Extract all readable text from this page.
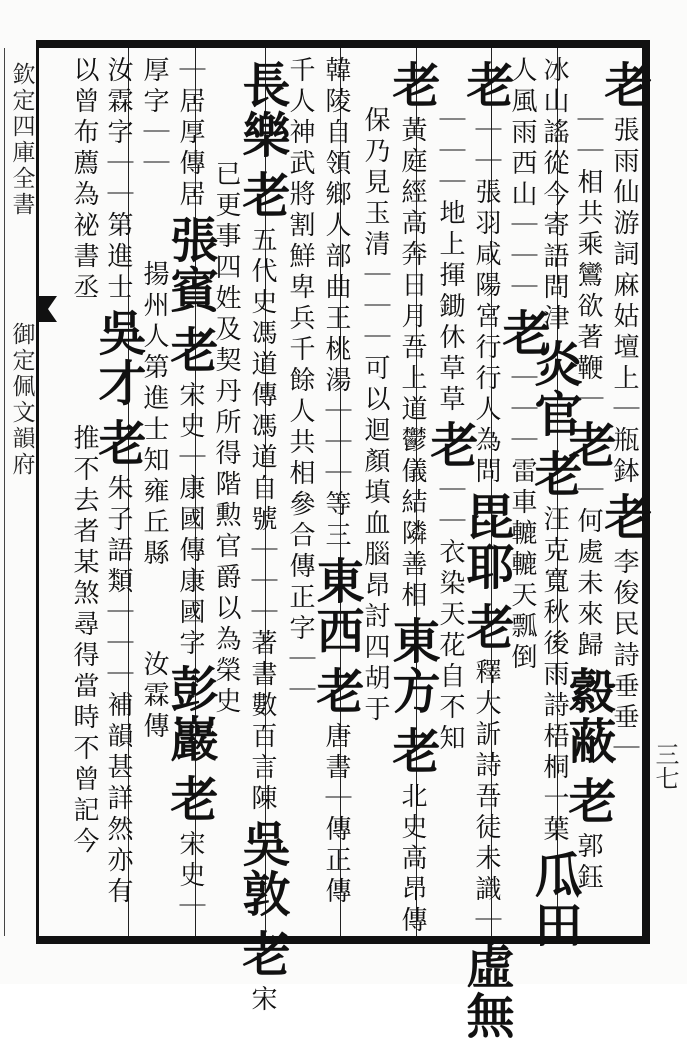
欽定四庫全書
御定佩文韻府
三七
老
張雨仙游詞麻姑壇上｜瓶鉢
老
李俊民詩垂垂｜
｜｜相共乘鸞欲著鞭｜
老
｜何處未來歸
縠蔽
老
郭鈺
冰山謠從今寄語問津
炎官
老
汪克寬秋後雨詩梧桐一葉
瓜田
人風雨西山｜｜｜
老
｜｜｜雷車轆轆天瓢倒
老
｜｜張羽咸陽宮行行人為問
毘耶
老
釋大訢詩吾徒未識｜
虛無
｜｜｜地上揮鋤休草草
老
｜｜衣染天花自不知
老
黃庭經高奔日月吾上道鬱儀結隣善相
東方
老
北史高昂傳
保乃見玉清｜｜｜可以迴顏填血腦
昂討四胡于
韓陵自領鄉人部曲王桃湯｜｜｜等三
東西
老
唐書｜傳正傳
千人神武將割鮮卑兵千餘人共相參合
傳正字｜｜
長樂
老
五代史馮道傳馮道自號｜｜｜著書數百言陳
吳敦
老
宋
已更事四姓及契丹所得階勲官爵以為榮
史
｜居厚傳居
張賓
老
宋史｜康國傳康國字
彭巖
老
宋史｜
厚字｜｜
揚州人第進士知雍丘縣
汝霖傳
汝霖字｜｜
第進士
吳才
老
朱子語類｜｜｜補韻甚詳然亦有
以曾布薦為祕書丞
推不去者某煞尋得當時不曾記今
